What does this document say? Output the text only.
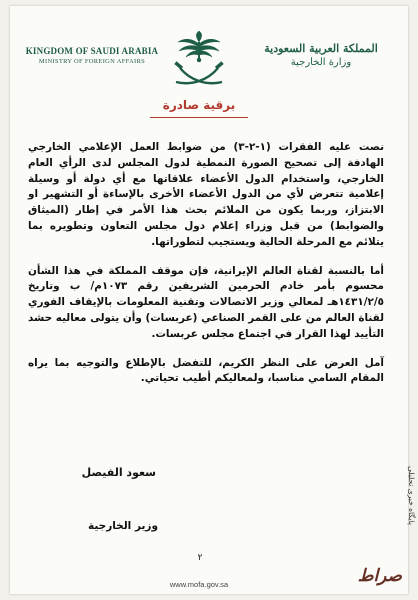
KINGDOM OF SAUDI ARABIA
MINISTRY OF FOREIGN AFFAIRS
المملكة العربية السعودية
وزارة الخارجية
برقية صادرة

نصت عليه الفقرات (١-٢-٣) من ضوابط العمل الإعلامي الخارجي الهادفة إلى تصحيح الصورة النمطية لدول المجلس لدى الرأي العام الخارجي، واستخدام الدول الأعضاء علاقاتها مع أي دولة أو وسيلة إعلامية تتعرض لأي من الدول الأعضاء الأخرى بالإساءة أو التشهير او الابتزاز، وربما يكون من الملائم بحث هذا الأمر في إطار (الميثاق والضوابط) من قبل وزراء إعلام دول مجلس التعاون وتطويره بما يتلائم مع المرحلة الحالية ويستجيب لتطوراتها.

أما بالنسبة لقناة العالم الإيرانية، فإن موقف المملكة في هذا الشأن محسوم بأمر خادم الحرمين الشريفين رقم ١٠٧٣م/ ب وتاريخ ١٤٣١/٢/٥هـ لمعالي وزير الاتصالات وتقنية المعلومات بالإيقاف الفوري لقناة العالم من على القمر الصناعي (عربسات) وأن يتولى معاليه حشد التأييد لهذا القرار في اجتماع مجلس عربسات.

آمل العرض على النظر الكريم، للتفضل بالإطلاع والتوجيه بما يراه المقام السامي مناسبا، ولمعاليكم أطيب تحياتي.

سعود الفيصل
وزير الخارجية
٢
www.mofa.gov.sa	صراط
پایگاه خبری تحلیلی
